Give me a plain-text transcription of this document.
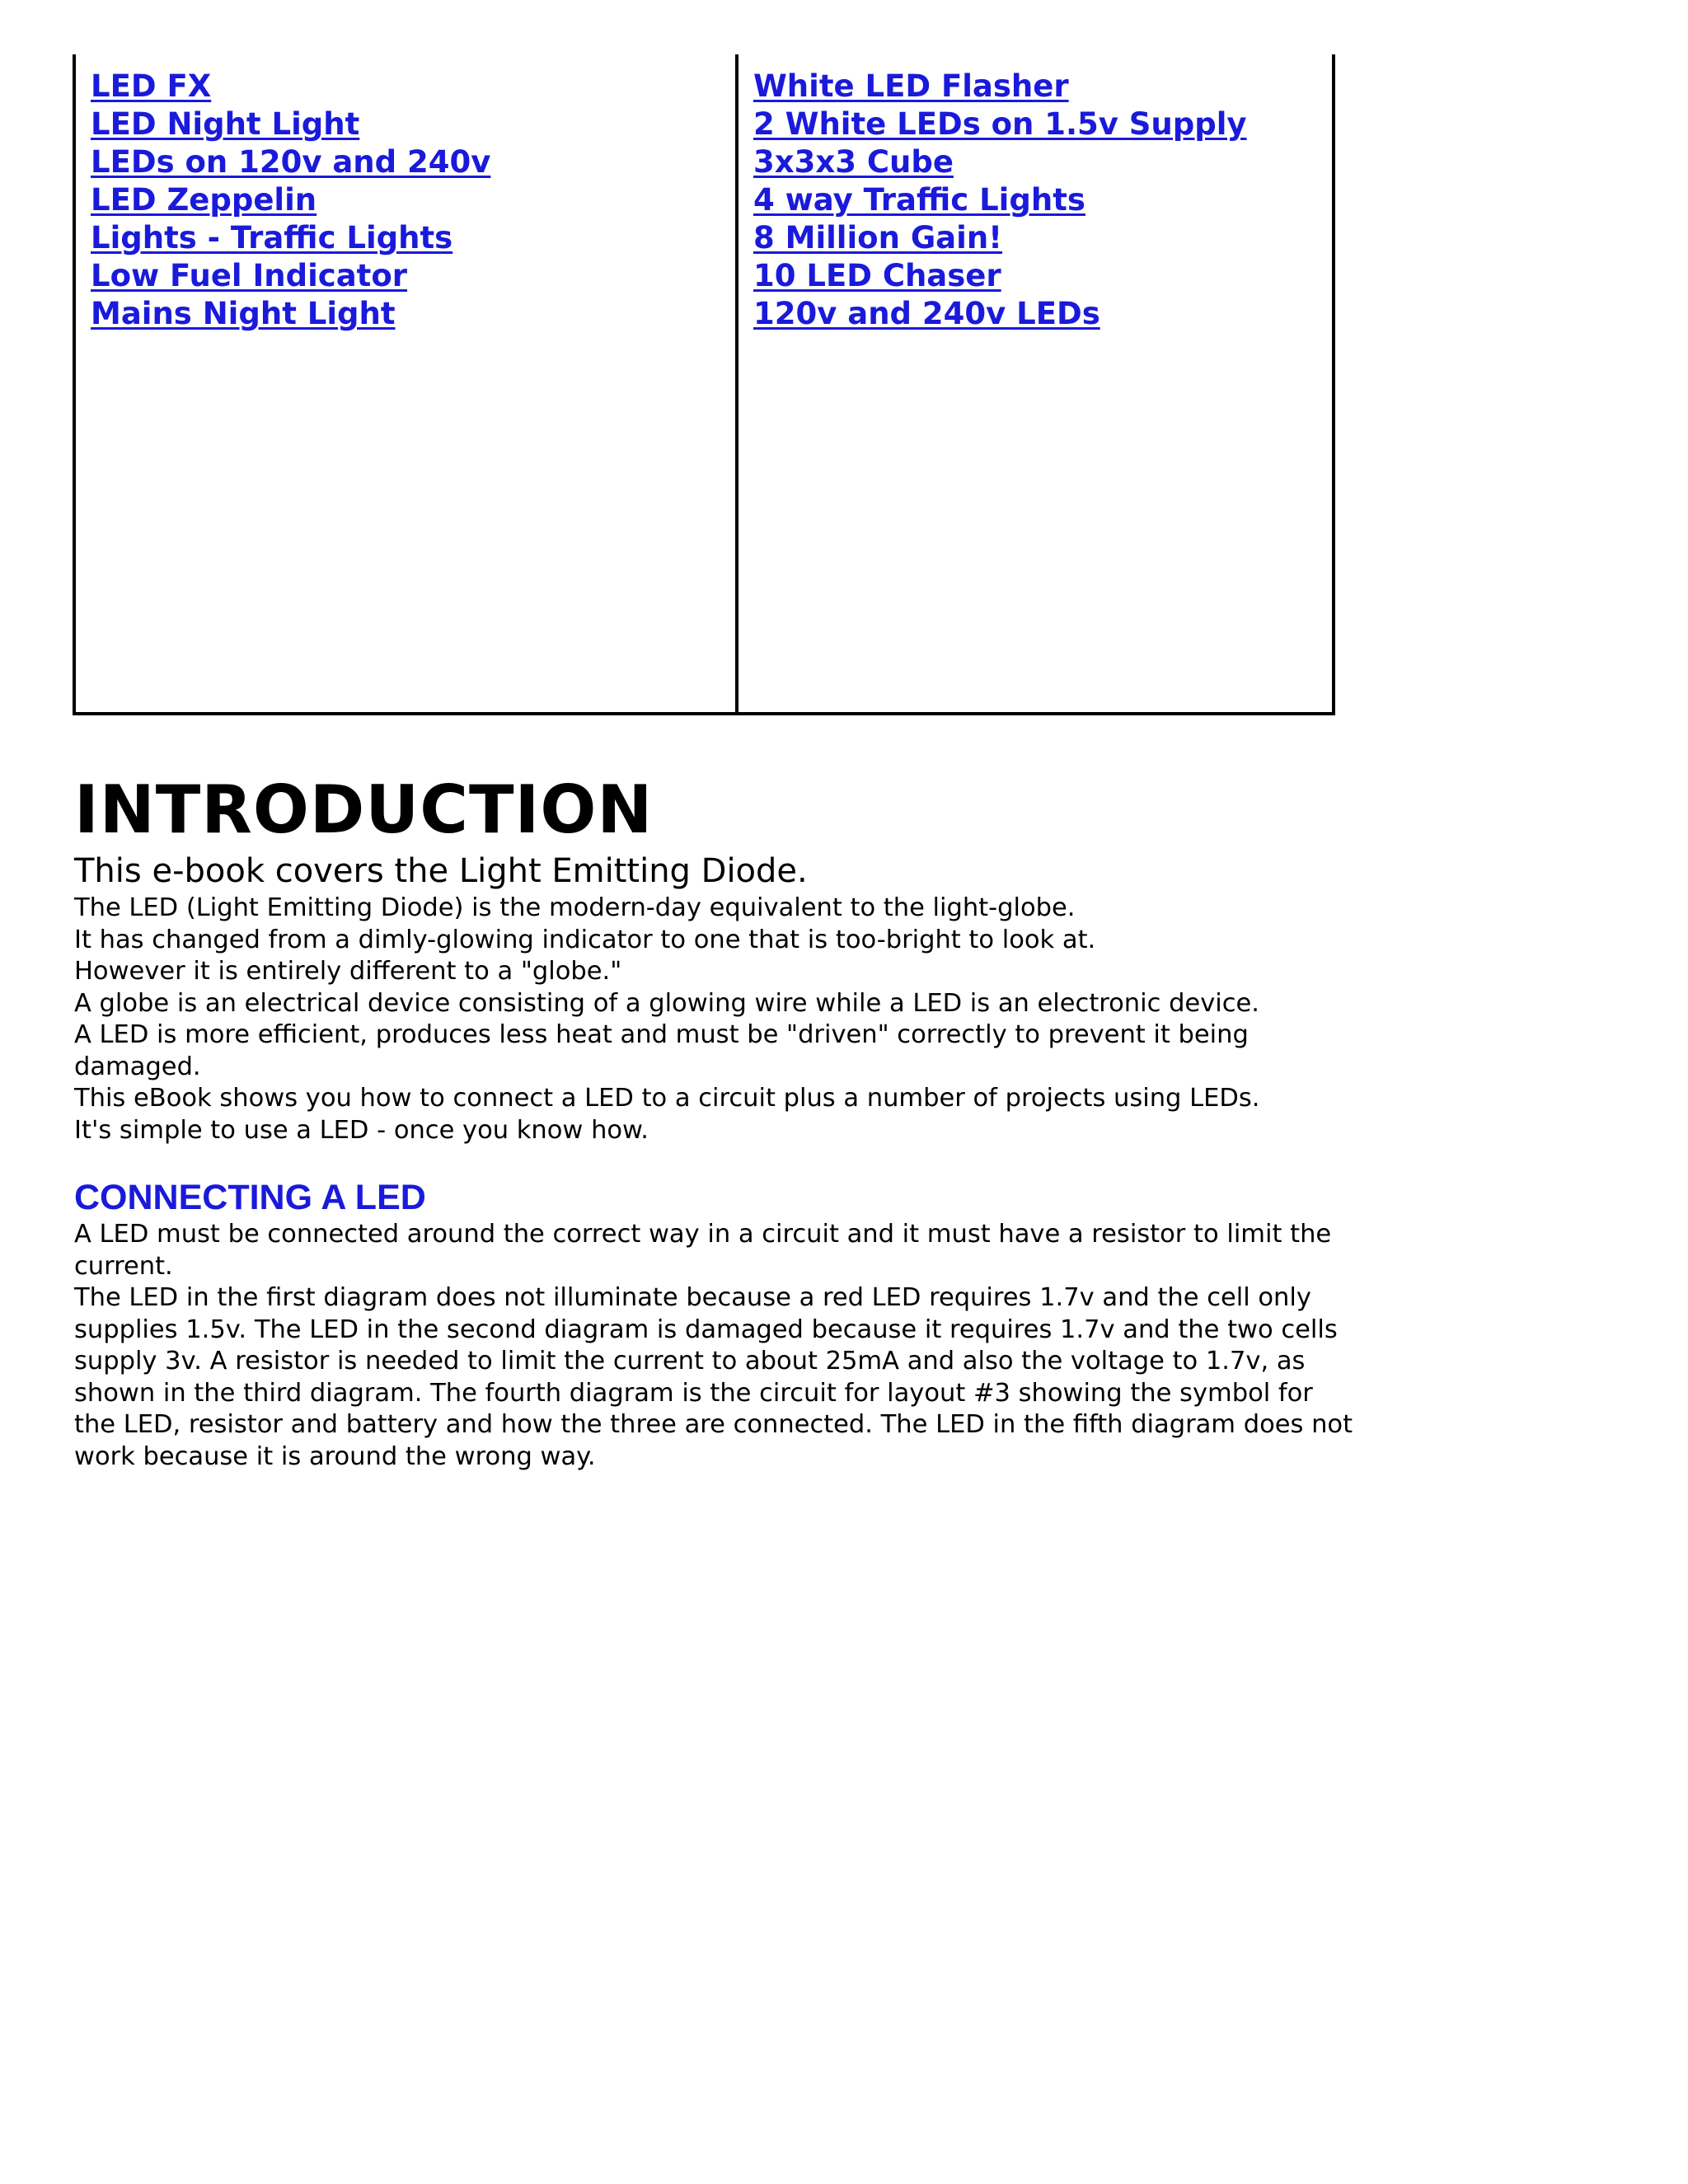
LED FX
LED Night Light
LEDs on 120v and 240v
LED Zeppelin
Lights - Traffic Lights
Low Fuel Indicator
Mains Night Light
White LED Flasher
2 White LEDs on 1.5v Supply
3x3x3 Cube
4 way Traffic Lights
8 Million Gain!
10 LED Chaser
120v and 240v LEDs
INTRODUCTION

This e-book covers the Light Emitting Diode.

The LED (Light Emitting Diode) is the modern-day equivalent to the light-globe.

It has changed from a dimly-glowing indicator to one that is too-bright to look at.

However it is entirely different to a "globe."

A globe is an electrical device consisting of a glowing wire while a LED is an electronic device.

A LED is more efficient, produces less heat and must be "driven" correctly to prevent it being damaged.

This eBook shows you how to connect a LED to a circuit plus a number of projects using LEDs.

It's simple to use a LED - once you know how.

CONNECTING A LED

A LED must be connected around the correct way in a circuit and it must have a resistor to limit the current.

The LED in the first diagram does not illuminate because a red LED requires 1.7v and the cell only supplies 1.5v. The LED in the second diagram is damaged because it requires 1.7v and the two cells supply 3v. A resistor is needed to limit the current to about 25mA and also the voltage to 1.7v, as shown in the third diagram. The fourth diagram is the circuit for layout #3 showing the symbol for the LED, resistor and battery and how the three are connected. The LED in the fifth diagram does not work because it is around the wrong way.
